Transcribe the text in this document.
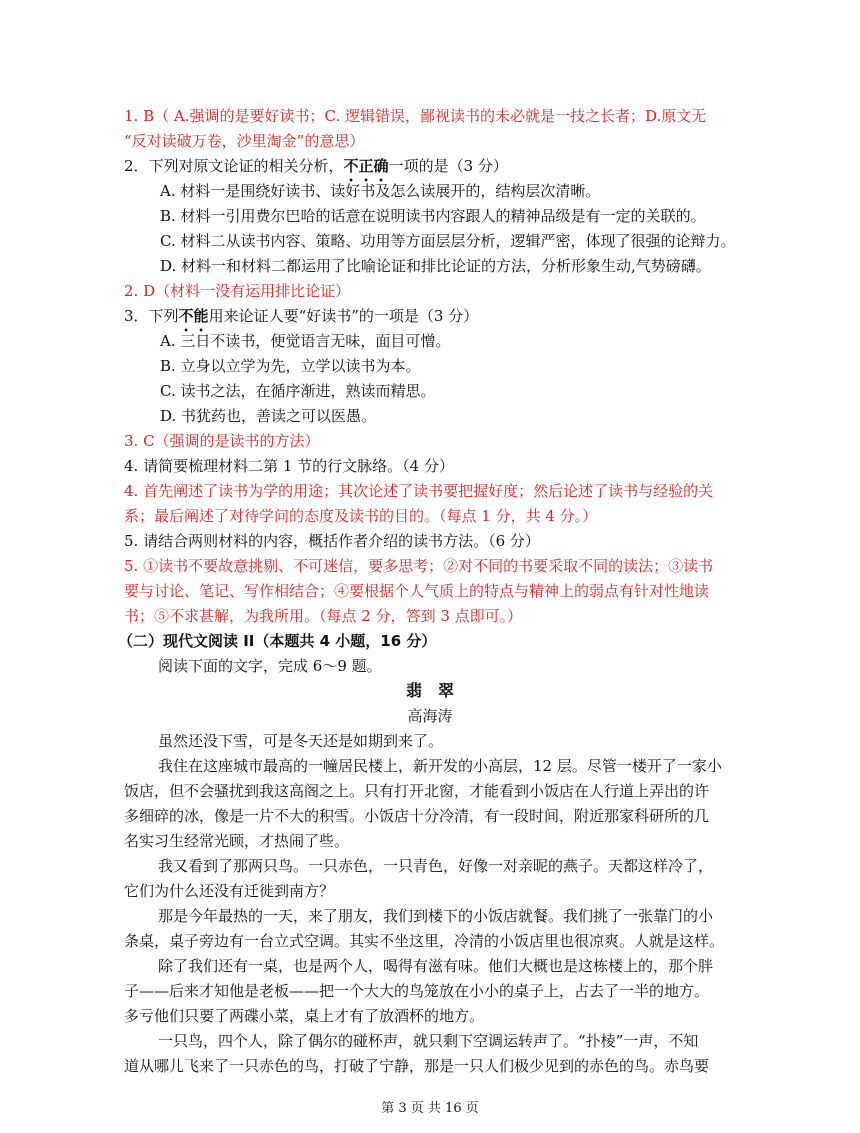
1. B（ A.强调的是要好读书；C. 逻辑错误，鄙视读书的未必就是一技之长者；D.原文无
“反对读破万卷，沙里淘金”的意思）
2．下列对原文论证的相关分析，不正确一项的是（3 分）
A. 材料一是围绕好读书、读好书及怎么读展开的，结构层次清晰。
B. 材料一引用费尔巴哈的话意在说明读书内容跟人的精神品级是有一定的关联的。
C. 材料二从读书内容、策略、功用等方面层层分析，逻辑严密，体现了很强的论辩力。
D. 材料一和材料二都运用了比喻论证和排比论证的方法，分析形象生动,气势磅礴。
2. D（材料一没有运用排比论证）
3．下列不能用来论证人要“好读书”的一项是（3 分）
A. 三日不读书，便觉语言无味，面目可憎。
B. 立身以立学为先，立学以读书为本。
C. 读书之法，在循序渐进，熟读而精思。
D. 书犹药也，善读之可以医愚。
3. C（强调的是读书的方法）
4. 请简要梳理材料二第 1 节的行文脉络。（4 分）
4. 首先阐述了读书为学的用途；其次论述了读书要把握好度；然后论述了读书与经验的关
系；最后阐述了对待学问的态度及读书的目的。（每点 1 分，共 4 分。）
5. 请结合两则材料的内容，概括作者介绍的读书方法。（6 分）
5. ①读书不要故意挑剔、不可迷信，要多思考；②对不同的书要采取不同的读法；③读书
要与讨论、笔记、写作相结合；④要根据个人气质上的特点与精神上的弱点有针对性地读
书；⑤不求甚解，为我所用。（每点 2 分，答到 3 点即可。）
（二）现代文阅读 II（本题共 4 小题，16 分）
阅读下面的文字，完成 6～9 题。
翡　翠
高海涛
虽然还没下雪，可是冬天还是如期到来了。
我住在这座城市最高的一幢居民楼上，新开发的小高层，12 层。尽管一楼开了一家小
饭店，但不会骚扰到我这高阁之上。只有打开北窗，才能看到小饭店在人行道上弄出的许
多细碎的冰，像是一片不大的积雪。小饭店十分冷清，有一段时间，附近那家科研所的几
名实习生经常光顾，才热闹了些。
我又看到了那两只鸟。一只赤色，一只青色，好像一对亲昵的燕子。天都这样冷了，
它们为什么还没有迁徙到南方？
那是今年最热的一天，来了朋友，我们到楼下的小饭店就餐。我们挑了一张靠门的小
条桌，桌子旁边有一台立式空调。其实不坐这里，冷清的小饭店里也很凉爽。人就是这样。
除了我们还有一桌，也是两个人，喝得有滋有味。他们大概也是这栋楼上的，那个胖
子——后来才知他是老板——把一个大大的鸟笼放在小小的桌子上，占去了一半的地方。
多亏他们只要了两碟小菜，桌上才有了放酒杯的地方。
一只鸟，四个人，除了偶尔的碰杯声，就只剩下空调运转声了。“扑棱”一声，不知
道从哪儿飞来了一只赤色的鸟，打破了宁静，那是一只人们极少见到的赤色的鸟。赤鸟要
第 3 页 共 16 页
